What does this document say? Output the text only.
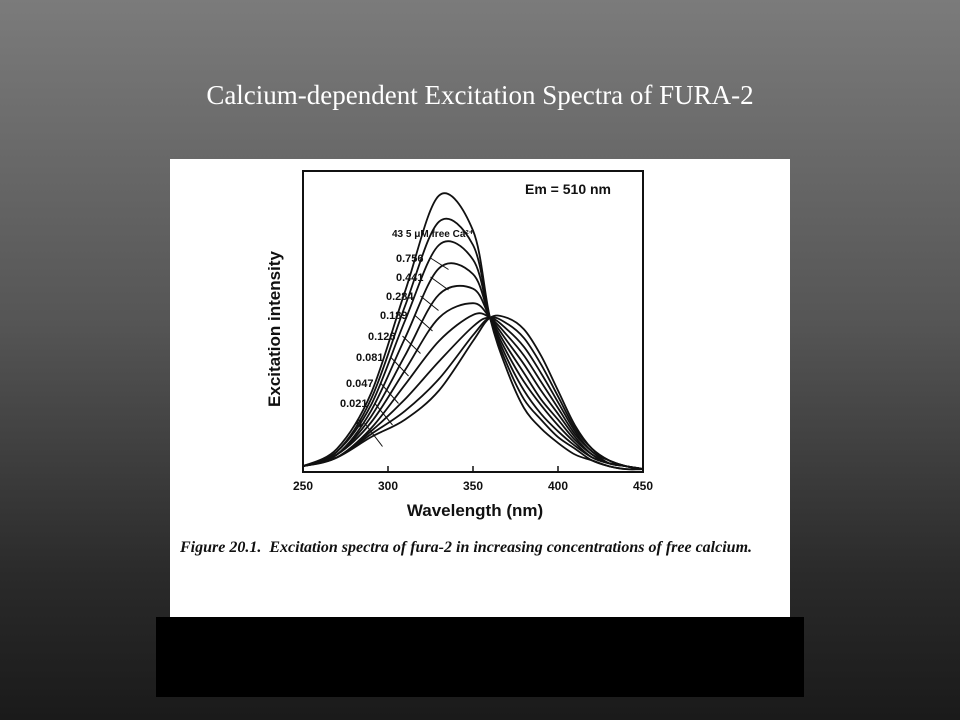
Calcium-dependent Excitation Spectra of FURA-2
43 5 μM free Ca²⁺
0.756
0.441
0.284
0.189
0.126
0.081
0.047
0.021
0
250	300	350	400	450
Em = 510 nm
Wavelength (nm)
Excitation intensity
Figure 20.1. Excitation spectra of fura-2 in increasing concentrations of free calcium.
